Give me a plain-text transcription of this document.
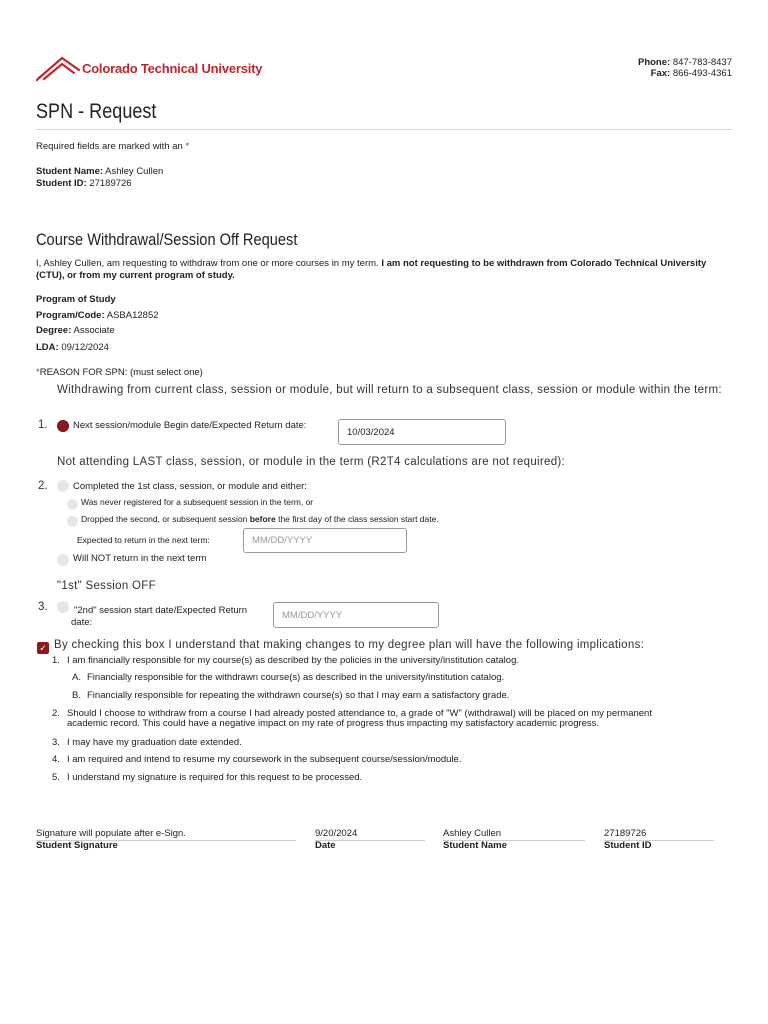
Colorado Technical University	Phone: 847-783-8437
Fax: 866-493-4361
SPN - Request
Required fields are marked with an *
Student Name: Ashley Cullen
Student ID: 27189726
Course Withdrawal/Session Off Request
I, Ashley Cullen, am requesting to withdraw from one or more courses in my term. I am not requesting to be withdrawn from Colorado Technical University (CTU), or from my current program of study.
Program of Study
Program/Code: ASBA12852
Degree: Associate
LDA: 09/12/2024
*REASON FOR SPN: (must select one)
Withdrawing from current class, session or module, but will return to a subsequent class, session or module within the term:
1.	Next session/module Begin date/Expected Return date:
10/03/2024
Not attending LAST class, session, or module in the term (R2T4 calculations are not required):
2.	Completed the 1st class, session, or module and either:
Was never registered for a subsequent session in the term, or
Dropped the second, or subsequent session before the first day of the class session start date.
Expected to return in the next term:	MM/DD/YYYY
Will NOT return in the next term
"1st" Session OFF
3.	"2nd" session start date/Expected Return
date:
MM/DD/YYYY
✓ By checking this box I understand that making changes to my degree plan will have the following implications:
1. I am financially responsible for my course(s) as described by the policies in the university/institution catalog.
A. Financially responsible for the withdrawn course(s) as described in the university/institution catalog.
B. Financially responsible for repeating the withdrawn course(s) so that I may earn a satisfactory grade.
2. Should I choose to withdraw from a course I had already posted attendance to, a grade of "W" (withdrawal) will be placed on my permanent
academic record. This could have a negative impact on my rate of progress thus impacting my satisfactory academic progress.
3. I may have my graduation date extended.
4. I am required and intend to resume my coursework in the subsequent course/session/module.
5. I understand my signature is required for this request to be processed.
Signature will populate after e-Sign.
Student Signature
9/20/2024
Date
Ashley Cullen
Student Name
27189726
Student ID
